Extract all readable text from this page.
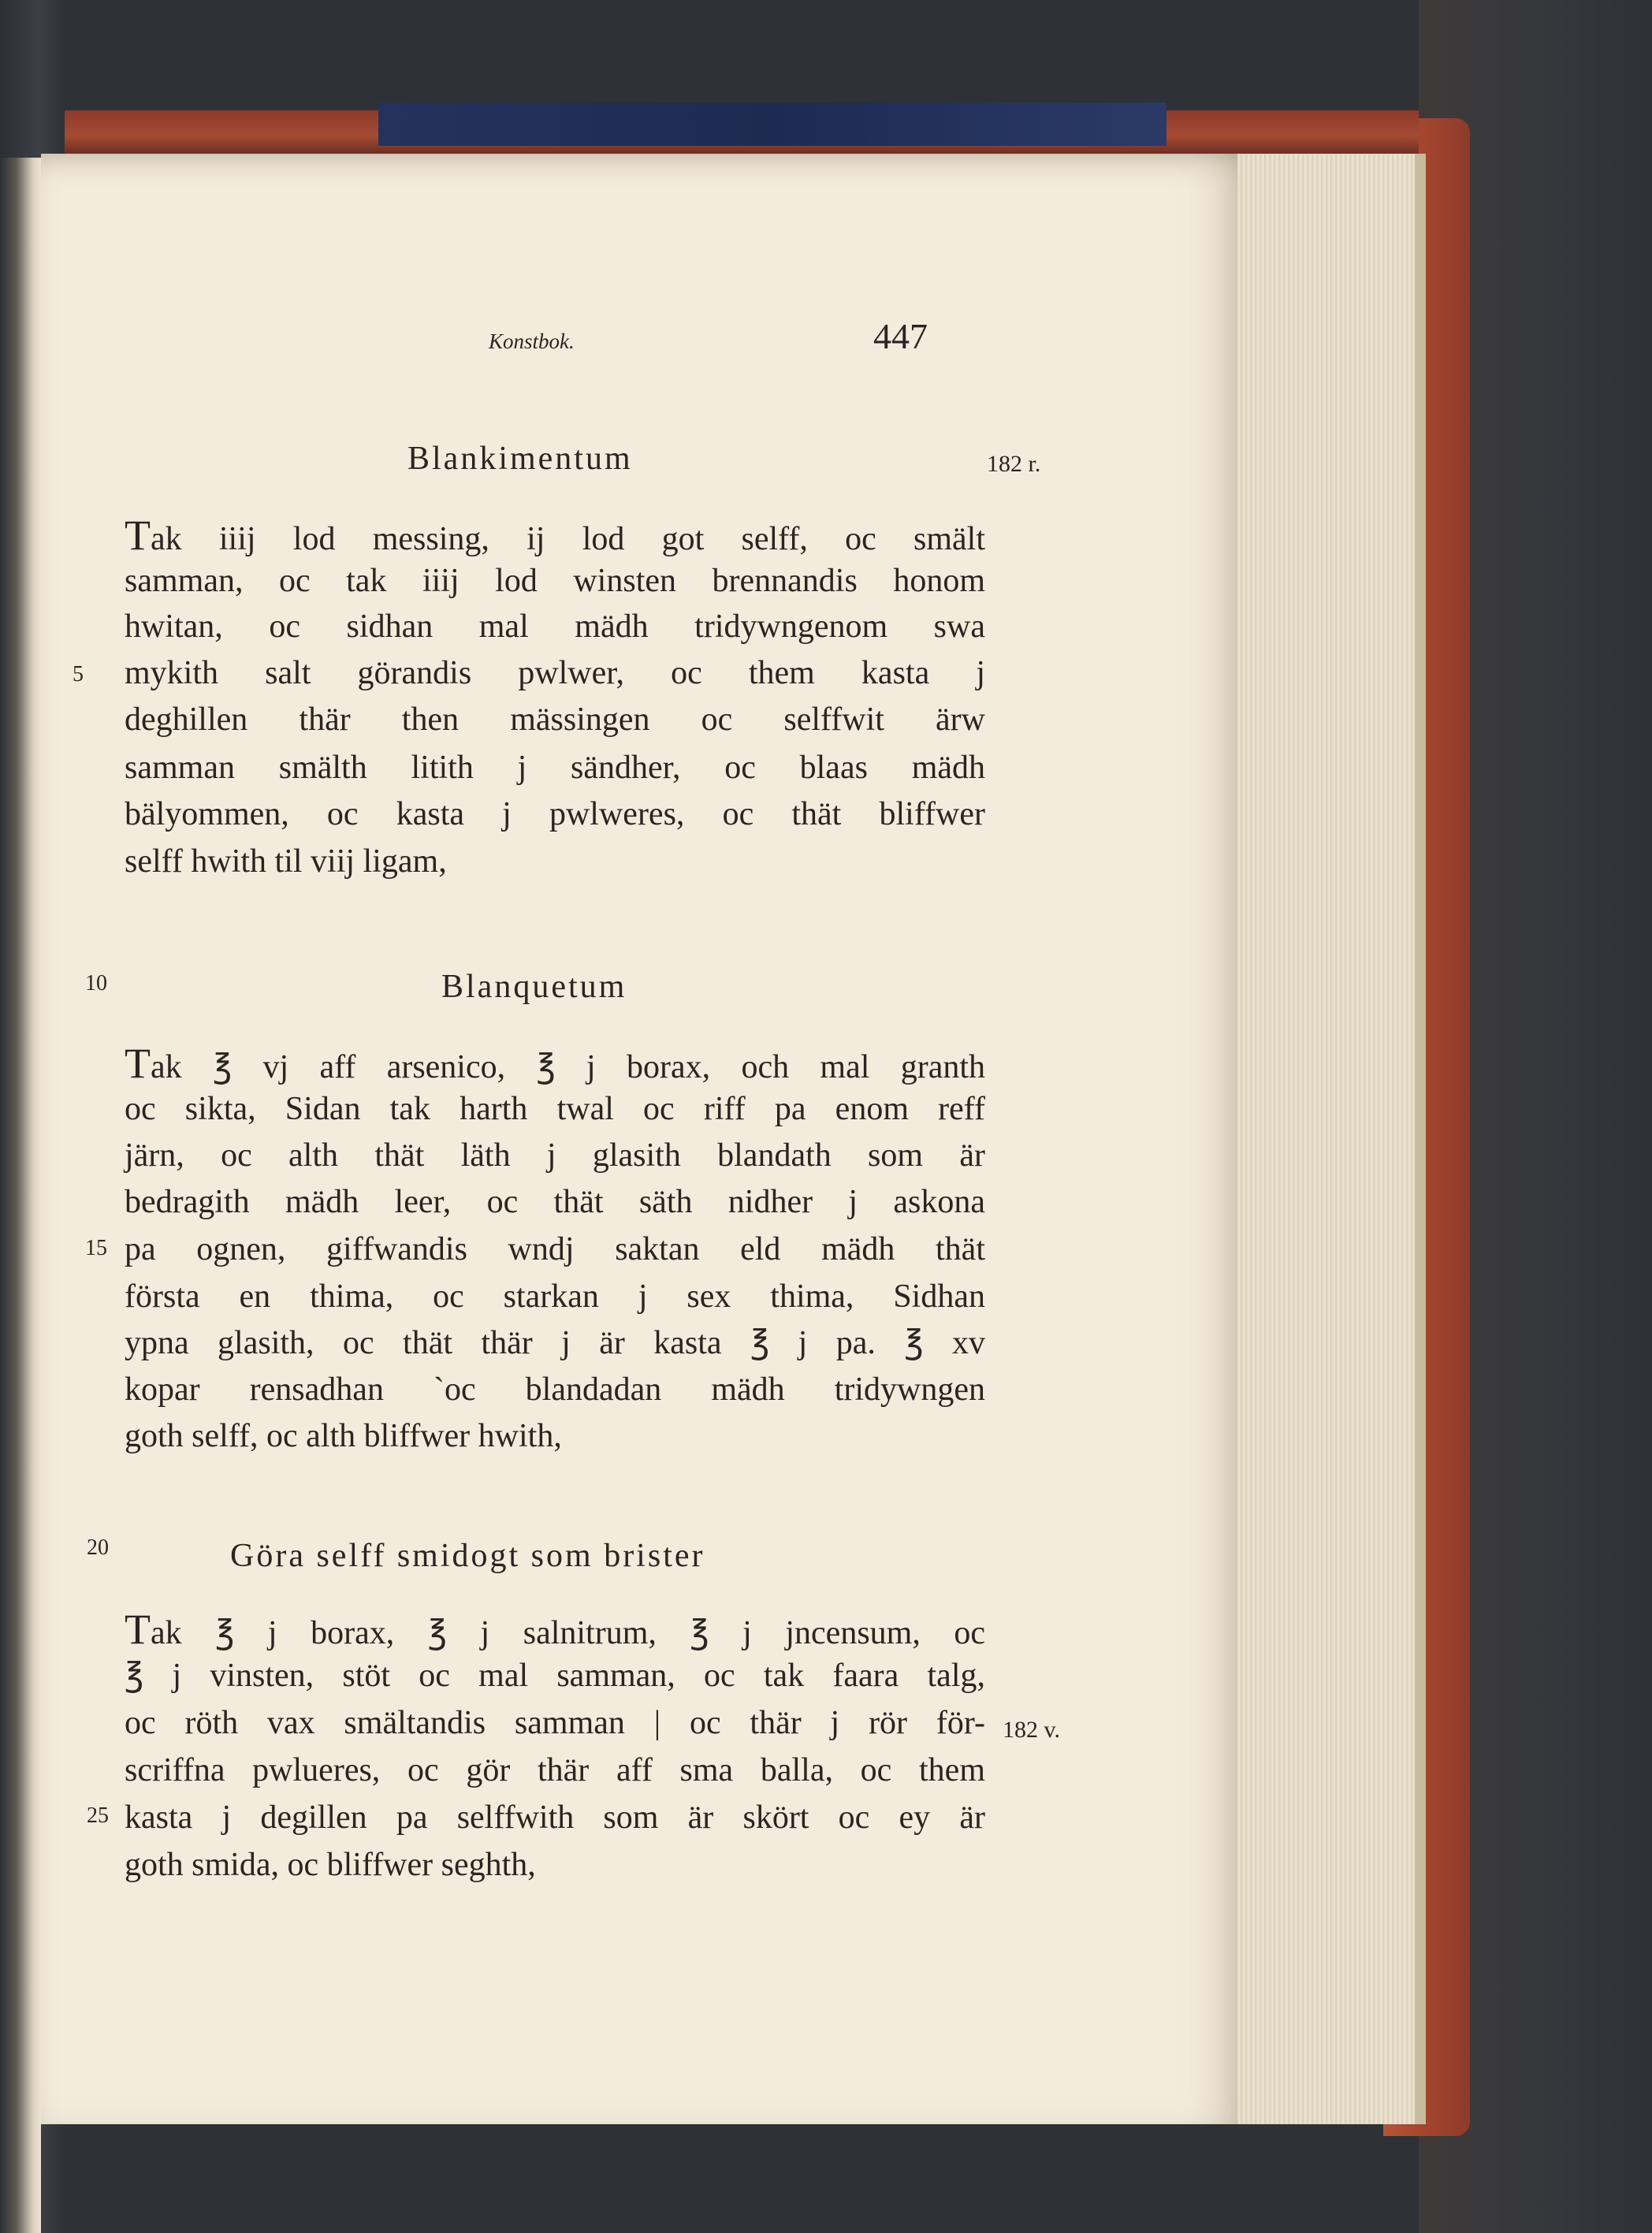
Konstbok.	447
Blankimentum	182 r.
Tak iiij lod messing, ij lod got selff, oc smält
samman, oc tak iiij lod winsten brennandis honom
hwitan, oc sidhan mal mädh tridywngenom swa
mykith salt görandis pwlwer, oc them kasta j
deghillen thär then mässingen oc selffwit ärw
samman smälth litith j sändher, oc blaas mädh
bälyommen, oc kasta j pwlweres, oc thät bliffwer
selff hwith til viij ligam,
5
Blanquetum
10
Tak ℥ vj aff arsenico, ℥ j borax, och mal granth
oc sikta, Sidan tak harth twal oc riff pa enom reff
järn, oc alth thät läth j glasith blandath som är
bedragith mädh leer, oc thät säth nidher j askona
pa ognen, giffwandis wndj saktan eld mädh thät
första en thima, oc starkan j sex thima, Sidhan
ypna glasith, oc thät thär j är kasta ℥ j pa. ℥ xv
kopar rensadhan `oc blandadan mädh tridywngen
goth selff, oc alth bliffwer hwith,
15
Göra selff smidogt som brister
20
Tak ℥ j borax, ℥ j salnitrum, ℥ j jncensum, oc
℥ j vinsten, stöt oc mal samman, oc tak faara talg,
oc röth vax smältandis samman | oc thär j rör för-
scriffna pwlueres, oc gör thär aff sma balla, oc them
kasta j degillen pa selffwith som är skört oc ey är
goth smida, oc bliffwer seghth,
182 v.
25
